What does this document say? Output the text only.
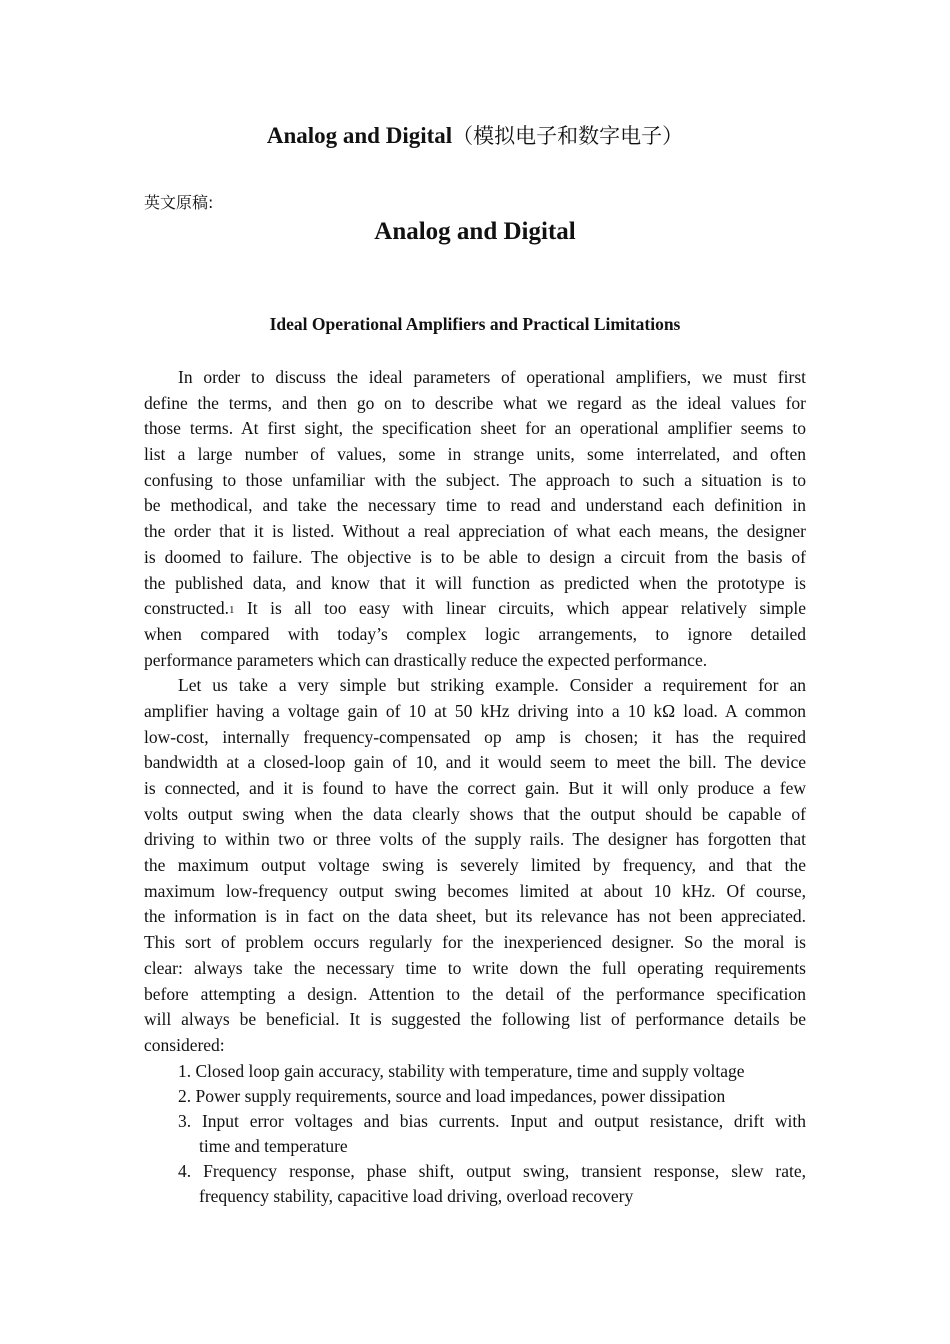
Analog and Digital（模拟电子和数字电子）
英文原稿:
Analog and Digital
Ideal Operational Amplifiers and Practical Limitations
In order to discuss the ideal parameters of operational amplifiers, we must first
define the terms, and then go on to describe what we regard as the ideal values for
those terms. At first sight, the specification sheet for an operational amplifier seems to
list a large number of values, some in strange units, some interrelated, and often
confusing to those unfamiliar with the subject. The approach to such a situation is to
be methodical, and take the necessary time to read and understand each definition in
the order that it is listed. Without a real appreciation of what each means, the designer
is doomed to failure. The objective is to be able to design a circuit from the basis of
the published data, and know that it will function as predicted when the prototype is
constructed.1 It is all too easy with linear circuits, which appear relatively simple
when compared with today’s complex logic arrangements, to ignore detailed
performance parameters which can drastically reduce the expected performance.
Let us take a very simple but striking example. Consider a requirement for an
amplifier having a voltage gain of 10 at 50 kHz driving into a 10 kΩ load. A common
low-cost, internally frequency-compensated op amp is chosen; it has the required
bandwidth at a closed-loop gain of 10, and it would seem to meet the bill. The device
is connected, and it is found to have the correct gain. But it will only produce a few
volts output swing when the data clearly shows that the output should be capable of
driving to within two or three volts of the supply rails. The designer has forgotten that
the maximum output voltage swing is severely limited by frequency, and that the
maximum low-frequency output swing becomes limited at about 10 kHz. Of course,
the information is in fact on the data sheet, but its relevance has not been appreciated.
This sort of problem occurs regularly for the inexperienced designer. So the moral is
clear: always take the necessary time to write down the full operating requirements
before attempting a design. Attention to the detail of the performance specification
will always be beneficial. It is suggested the following list of performance details be
considered:
1. Closed loop gain accuracy, stability with temperature, time and supply voltage
2. Power supply requirements, source and load impedances, power dissipation
3. Input error voltages and bias currents. Input and output resistance, drift with
time and temperature
4. Frequency response, phase shift, output swing, transient response, slew rate,
frequency stability, capacitive load driving, overload recovery
